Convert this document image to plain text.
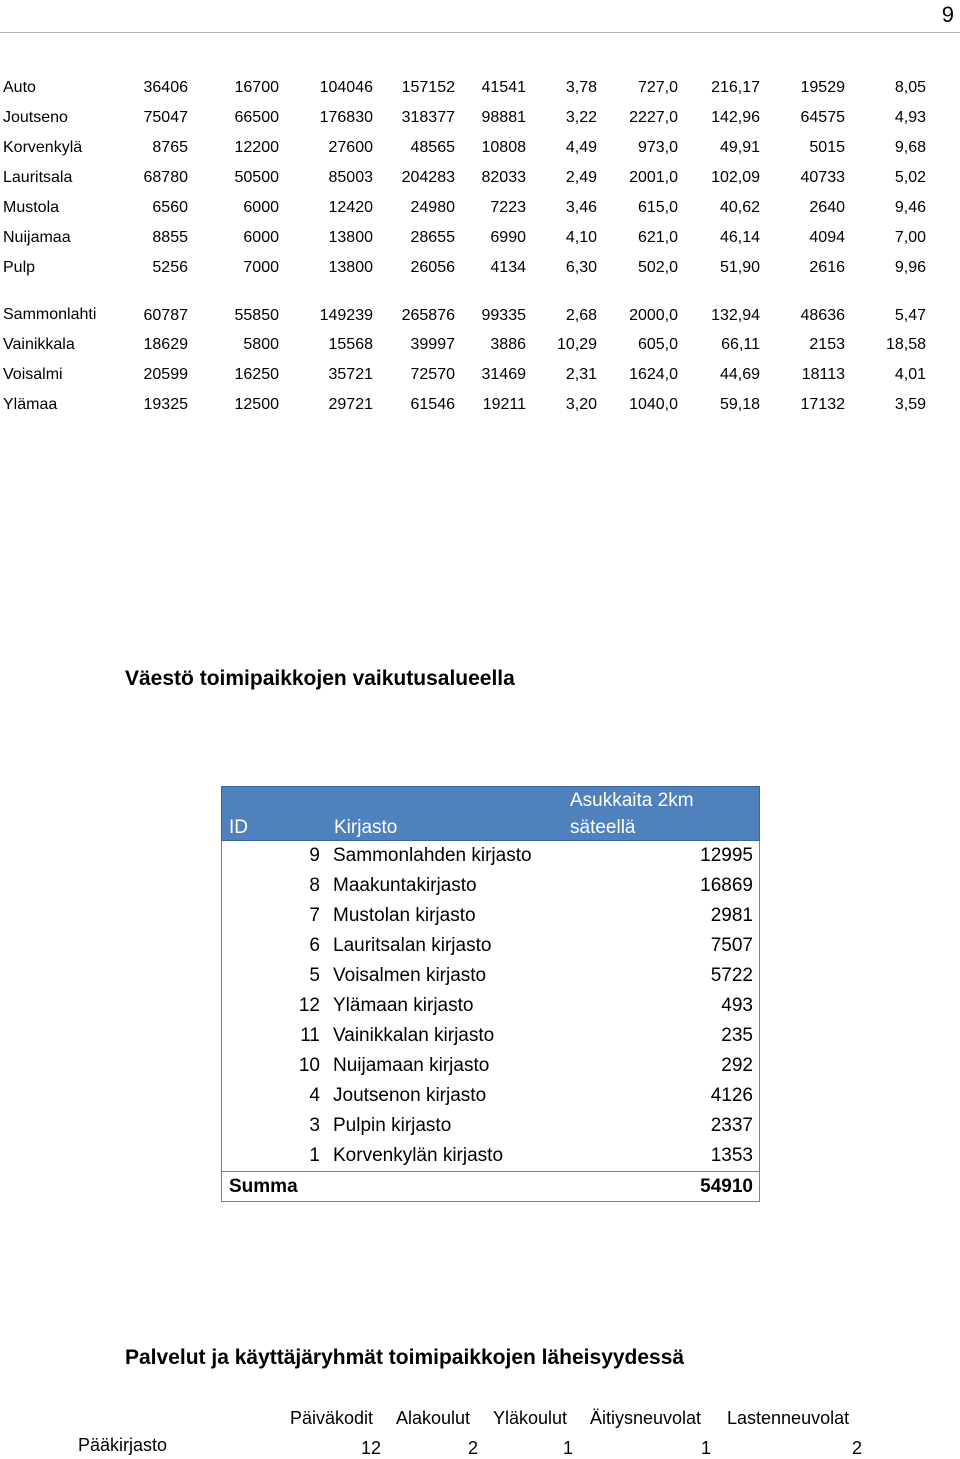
9
Auto	36406	16700	104046	157152	41541	3,78	727,0	216,17	19529	8,05
Joutseno	75047	66500	176830	318377	98881	3,22	2227,0	142,96	64575	4,93
Korvenkylä	8765	12200	27600	48565	10808	4,49	973,0	49,91	5015	9,68
Lauritsala	68780	50500	85003	204283	82033	2,49	2001,0	102,09	40733	5,02
Mustola	6560	6000	12420	24980	7223	3,46	615,0	40,62	2640	9,46
Nuijamaa	8855	6000	13800	28655	6990	4,10	621,0	46,14	4094	7,00
Pulp	5256	7000	13800	26056	4134	6,30	502,0	51,90	2616	9,96
Sammonlahti	60787	55850	149239	265876	99335	2,68	2000,0	132,94	48636	5,47
Vainikkala	18629	5800	15568	39997	3886	10,29	605,0	66,11	2153	18,58
Voisalmi	20599	16250	35721	72570	31469	2,31	1624,0	44,69	18113	4,01
Ylämaa	19325	12500	29721	61546	19211	3,20	1040,0	59,18	17132	3,59
Väestö toimipaikkojen vaikutusalueella
ID	Kirjasto
Asukkaita 2km
säteellä
9 Sammonlahden kirjasto	12995
8 Maakuntakirjasto	16869
7 Mustolan kirjasto	2981
6 Lauritsalan kirjasto	7507
5 Voisalmen kirjasto	5722
12 Ylämaan kirjasto	493
11 Vainikkalan kirjasto	235
10 Nuijamaan kirjasto	292
4 Joutsenon kirjasto	4126
3 Pulpin kirjasto	2337
1 Korvenkylän kirjasto	1353
Summa	54910
Palvelut ja käyttäjäryhmät toimipaikkojen läheisyydessä
Päiväkodit Alakoulut Yläkoulut Äitiysneuvolat Lastenneuvolat
Pääkirjasto	12	2	1	1	2
